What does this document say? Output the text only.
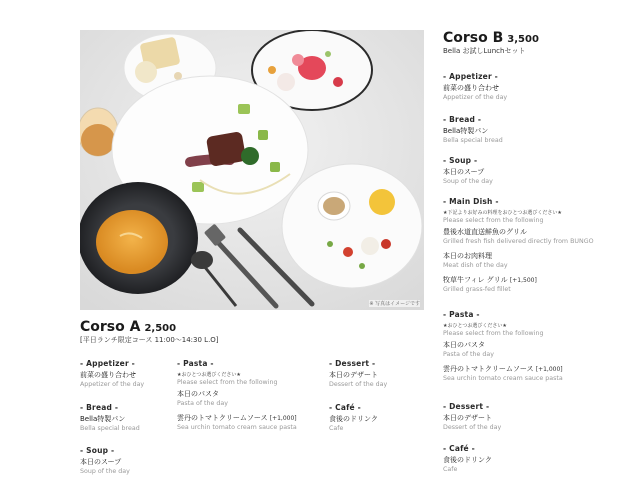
※ 写真はイメージです
Corso B 3,500
Bella お試しLunchセット
- Appetizer -
前菜の盛り合わせ
Appetizer of the day
- Bread -
Bella特製パン
Bella special bread
- Soup -
本日のスープ
Soup of the day
- Main Dish -
★下記よりお好みの料理をおひとつお選びください★
Please select from the following
豊後水道直送鮮魚のグリル
Grilled fresh fish delivered directly from BUNGO
本日のお肉料理
Meat dish of the day
牧草牛フィレ グリル [+1,500]
Grilled grass-fed fillet
- Pasta -
★おひとつお選びください★
Please select from the following
本日のパスタ
Pasta of the day
雲丹のトマトクリームソース [+1,000]
Sea urchin tomato cream sauce pasta
- Dessert -
本日のデザート
Dessert of the day
- Café -
食後のドリンク
Cafe
Corso A 2,500
[平日ランチ限定コース 11:00～14:30 L.O]
- Appetizer -
前菜の盛り合わせ
Appetizer of the day
- Bread -
Bella特製パン
Bella special bread
- Soup -
本日のスープ
Soup of the day
- Pasta -
★おひとつお選びください★
Please select from the following
本日のパスタ
Pasta of the day
雲丹のトマトクリームソース [+1,000]
Sea urchin tomato cream sauce pasta
- Dessert -
本日のデザート
Dessert of the day
- Café -
食後のドリンク
Cafe
